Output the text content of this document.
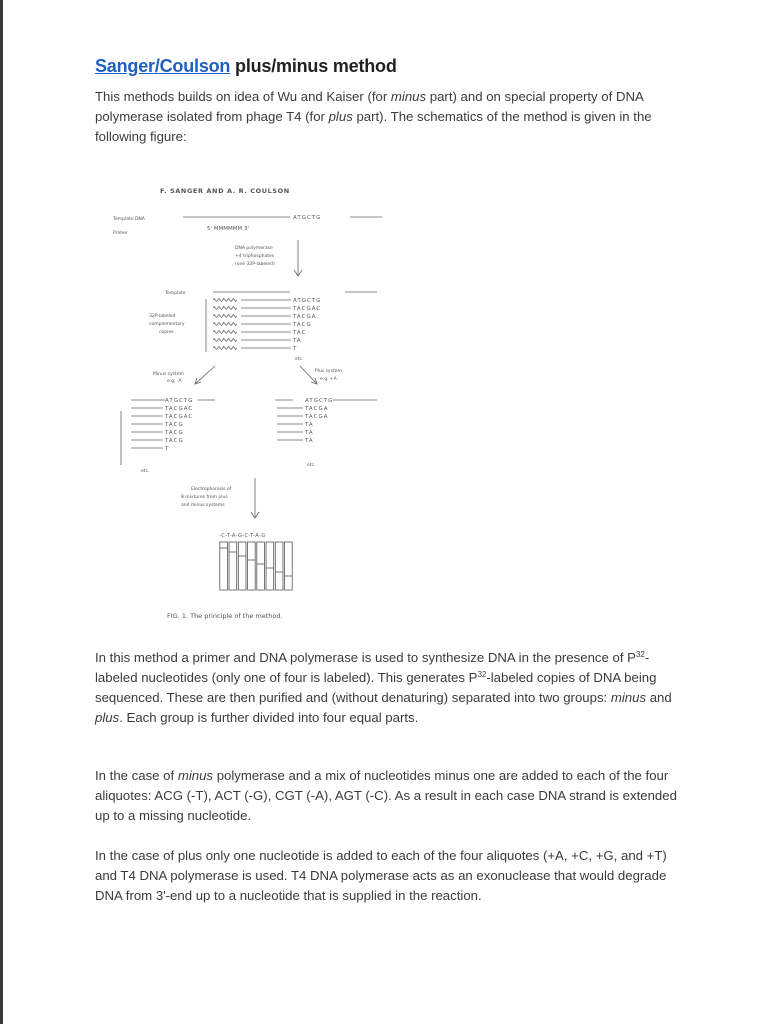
Sanger/Coulson plus/minus method

This methods builds on idea of Wu and Kaiser (for minus part) and on special property of DNA polymerase isolated from phage T4 (for plus part). The schematics of the method is given in the following figure:

F. SANGER AND A. R. COULSON
Template DNA
Primer
ATGCTG
5' MMMMMM 3'
DNA polymerase
+4 triphosphates
(one 32P-labeled)
Template
32P-labeled
complementary
copies
ATGCTG
TACGAC
TACGA
TACG
TAC
TA
T
etc.
Minus system
e.g. -A
Plus system
e.g. +A
ATGCTG
TACGAC
TACGAC
TACG
TACG
TACG
T
ATGCTG
TACGA
TACGA
TA
TA
TA
etc.
etc.
Electrophoresis of
8 mixtures from plus
and minus systems
-C-T-A-G-C-T-A-G
FIG. 1. The principle of the method.

In this method a primer and DNA polymerase is used to synthesize DNA in the presence of $P^{32}$-labeled nucleotides (only one of four is labeled). This generates $P^{32}$-labeled copies of DNA being sequenced. These are then purified and (without denaturing) separated into two groups: minus and plus. Each group is further divided into four equal parts.

In the case of minus polymerase and a mix of nucleotides minus one are added to each of the four aliquotes: ACG (-T), ACT (-G), CGT (-A), AGT (-C). As a result in each case DNA strand is extended up to a missing nucleotide.

In the case of plus only one nucleotide is added to each of the four aliquotes (+A, +C, +G, and +T) and T4 DNA polymerase is used. T4 DNA polymerase acts as an exonuclease that would degrade DNA from 3'-end up to a nucleotide that is supplied in the reaction.
